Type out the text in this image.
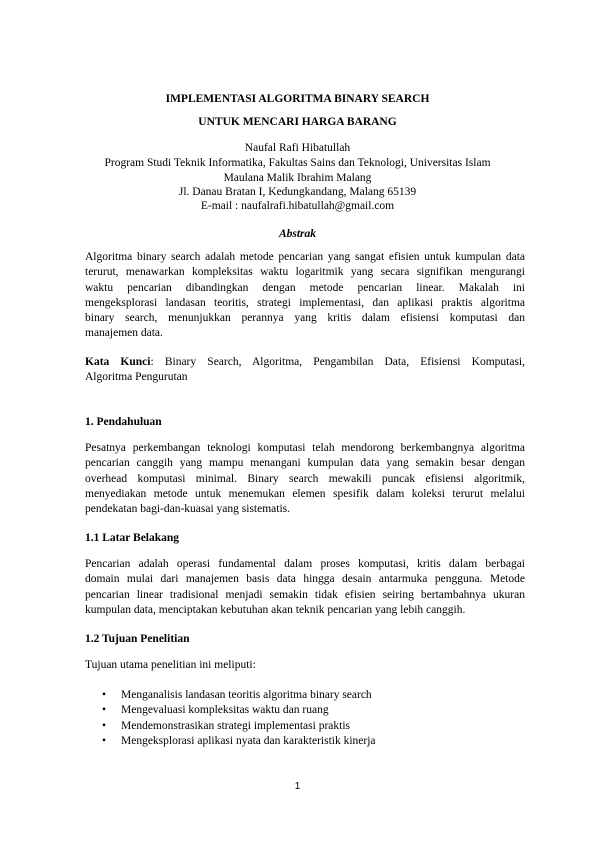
IMPLEMENTASI ALGORITMA BINARY SEARCH
UNTUK MENCARI HARGA BARANG
Naufal Rafi Hibatullah
Program Studi Teknik Informatika, Fakultas Sains dan Teknologi, Universitas Islam
Maulana Malik Ibrahim Malang
Jl. Danau Bratan I, Kedungkandang, Malang 65139
E-mail : naufalrafi.hibatullah@gmail.com
Abstrak
Algoritma binary search adalah metode pencarian yang sangat efisien untuk kumpulan data
terurut, menawarkan kompleksitas waktu logaritmik yang secara signifikan mengurangi
waktu pencarian dibandingkan dengan metode pencarian linear. Makalah ini
mengeksplorasi landasan teoritis, strategi implementasi, dan aplikasi praktis algoritma
binary search, menunjukkan perannya yang kritis dalam efisiensi komputasi dan
manajemen data.
Kata Kunci: Binary Search, Algoritma, Pengambilan Data, Efisiensi Komputasi,
Algoritma Pengurutan
1. Pendahuluan
Pesatnya perkembangan teknologi komputasi telah mendorong berkembangnya algoritma
pencarian canggih yang mampu menangani kumpulan data yang semakin besar dengan
overhead komputasi minimal. Binary search mewakili puncak efisiensi algoritmik,
menyediakan metode untuk menemukan elemen spesifik dalam koleksi terurut melalui
pendekatan bagi-dan-kuasai yang sistematis.
1.1 Latar Belakang
Pencarian adalah operasi fundamental dalam proses komputasi, kritis dalam berbagai
domain mulai dari manajemen basis data hingga desain antarmuka pengguna. Metode
pencarian linear tradisional menjadi semakin tidak efisien seiring bertambahnya ukuran
kumpulan data, menciptakan kebutuhan akan teknik pencarian yang lebih canggih.
1.2 Tujuan Penelitian
Tujuan utama penelitian ini meliputi:
• Menganalisis landasan teoritis algoritma binary search
• Mengevaluasi kompleksitas waktu dan ruang
• Mendemonstrasikan strategi implementasi praktis
• Mengeksplorasi aplikasi nyata dan karakteristik kinerja
1
